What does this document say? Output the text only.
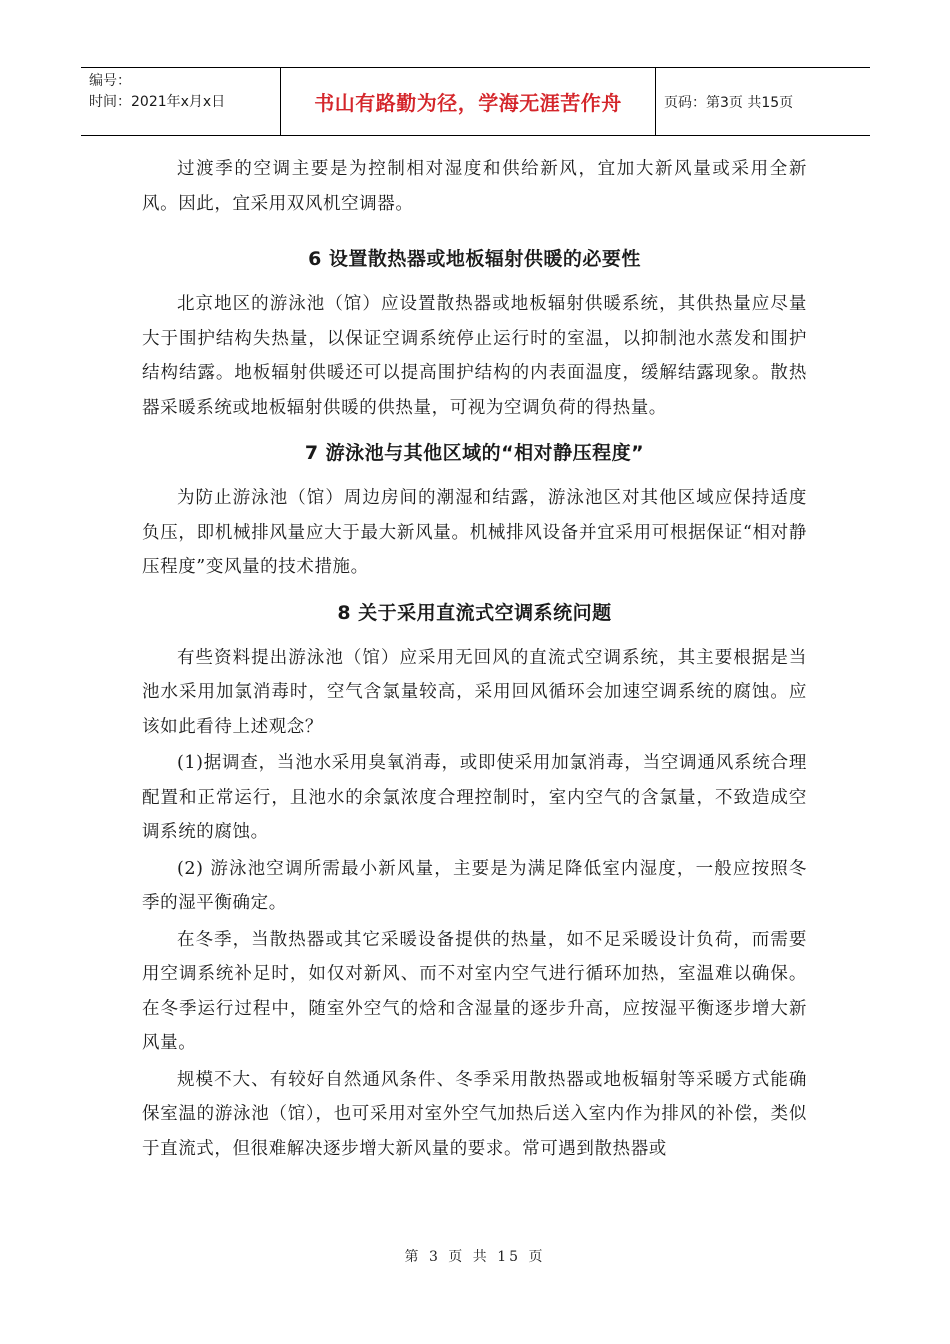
编号：
时间：2021年x月x日	书山有路勤为径，学海无涯苦作舟	页码：第3页 共15页

过渡季的空调主要是为控制相对湿度和供给新风，宜加大新风量或采用全新风。因此，宜采用双风机空调器。

6 设置散热器或地板辐射供暖的必要性

北京地区的游泳池（馆）应设置散热器或地板辐射供暖系统，其供热量应尽量大于围护结构失热量，以保证空调系统停止运行时的室温，以抑制池水蒸发和围护结构结露。地板辐射供暖还可以提高围护结构的内表面温度，缓解结露现象。散热器采暖系统或地板辐射供暖的供热量，可视为空调负荷的得热量。

7 游泳池与其他区域的“相对静压程度”

为防止游泳池（馆）周边房间的潮湿和结露，游泳池区对其他区域应保持适度负压，即机械排风量应大于最大新风量。机械排风设备并宜采用可根据保证“相对静压程度”变风量的技术措施。

8 关于采用直流式空调系统问题

有些资料提出游泳池（馆）应采用无回风的直流式空调系统，其主要根据是当池水采用加氯消毒时，空气含氯量较高，采用回风循环会加速空调系统的腐蚀。应该如此看待上述观念？

(1)据调查，当池水采用臭氧消毒，或即使采用加氯消毒，当空调通风系统合理配置和正常运行，且池水的余氯浓度合理控制时，室内空气的含氯量，不致造成空调系统的腐蚀。

(2) 游泳池空调所需最小新风量，主要是为满足降低室内湿度，一般应按照冬季的湿平衡确定。

在冬季，当散热器或其它采暖设备提供的热量，如不足采暖设计负荷，而需要用空调系统补足时，如仅对新风、而不对室内空气进行循环加热，室温难以确保。在冬季运行过程中，随室外空气的焓和含湿量的逐步升高，应按湿平衡逐步增大新风量。

规模不大、有较好自然通风条件、冬季采用散热器或地板辐射等采暖方式能确保室温的游泳池（馆），也可采用对室外空气加热后送入室内作为排风的补偿，类似于直流式，但很难解决逐步增大新风量的要求。常可遇到散热器或

第 3 页 共 15 页
